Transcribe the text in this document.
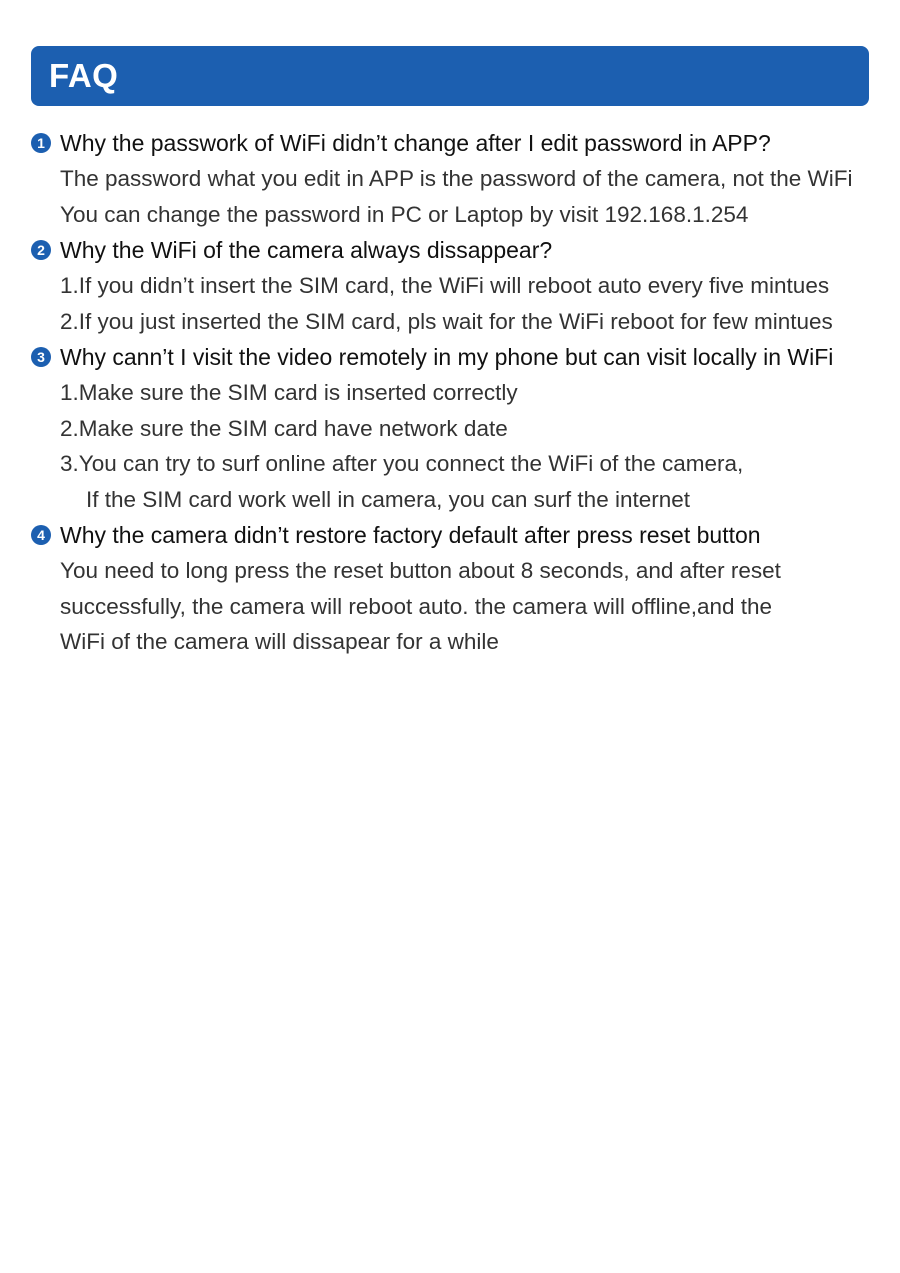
FAQ
1 Why the passwork of WiFi didn’t change after I edit password in APP?
The password what you edit in APP is the password of the camera, not the WiFi
You can change the password in PC or Laptop by visit 192.168.1.254
2 Why the WiFi of the camera always dissappear?
1.If you didn’t insert the SIM card, the WiFi will reboot auto every five mintues
2.If you just inserted the SIM card, pls wait for the WiFi reboot for few mintues
3 Why cann’t I visit the video remotely in my phone but can visit locally in WiFi
1.Make sure the SIM card is inserted correctly
2.Make sure the SIM card have network date
3.You can try to surf online after you connect the WiFi of the camera,
If the SIM card work well in camera, you can surf the internet
4 Why the camera didn’t restore factory default after press reset button
You need to long press the reset button about 8 seconds, and after reset
successfully, the camera will reboot auto. the camera will offline,and the
WiFi of the camera will dissapear for a while
